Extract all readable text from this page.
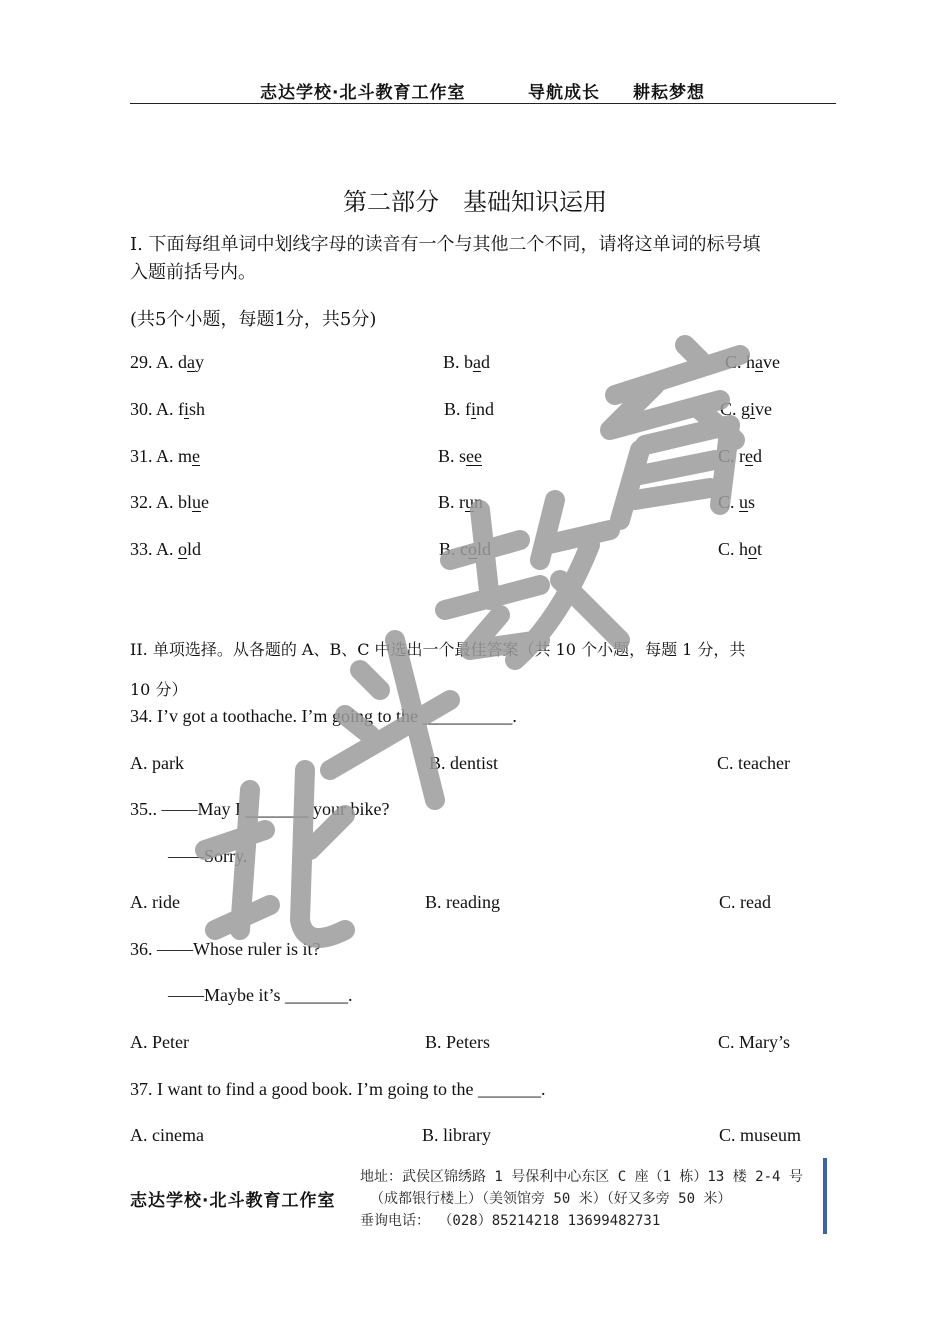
志达学校·北斗教育工作室	导航成长 耕耘梦想
第二部分　基础知识运用
Ⅰ. 下面每组单词中划线字母的读音有一个与其他二个不同，请将这单词的标号填
入题前括号内。
(共5个小题，每题1分，共5分)
29. A. day	B. bad	C. have
30. A. fish	B. find	C. give
31. A. me	B. see	C. red
32. A. blue	B. run	C. us
33. A. old	B. cold	C. hot
II. 单项选择。从各题的 A、B、C 中选出一个最佳答案（共 10 个小题，每题 1 分，共
10 分）
34. I’v got a toothache. I’m going to the __________.
A. park	B. dentist	C. teacher
35.. ——May I _______ your bike?
——Sorry.
A. ride	B. reading	C. read
36. ——Whose ruler is it?
——Maybe it’s _______.
A. Peter	B. Peters	C. Mary’s
37. I want to find a good book. I’m going to the _______.
A. cinema	B. library	C. museum
地址：武侯区锦绣路 1 号保利中心东区 C 座（1 栋）13 楼 2-4 号
志达学校·北斗教育工作室 （成都银行楼上）（美领馆旁 50 米）（好又多旁 50 米）
垂询电话： （028）85214218 13699482731
